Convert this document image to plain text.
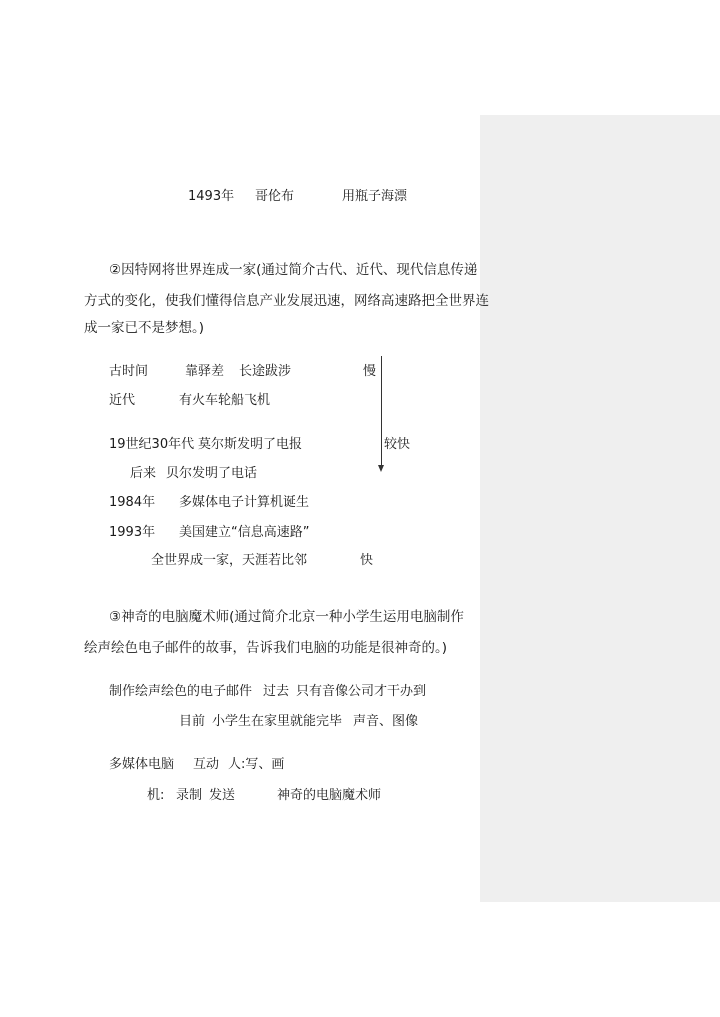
1493年 哥伦布	用瓶子海漂
②因特网将世界连成一家(通过简介古代、近代、现代信息传递
方式的变化，使我们懂得信息产业发展迅速，网络高速路把全世界连
成一家已不是梦想。)
古时间	靠驿差 长途跋涉	慢
近代	有火车轮船飞机
19世纪30年代 莫尔斯发明了电报	较快
后来 贝尔发明了电话
1984年 多媒体电子计算机诞生
1993年 美国建立“信息高速路”
全世界成一家，天涯若比邻	快
③神奇的电脑魔术师(通过简介北京一种小学生运用电脑制作
绘声绘色电子邮件的故事，告诉我们电脑的功能是很神奇的。)
制作绘声绘色的电子邮件 过去 只有音像公司才干办到
目前 小学生在家里就能完毕 声音、图像
多媒体电脑 互动 人:写、画
机: 录制 发送	神奇的电脑魔术师
